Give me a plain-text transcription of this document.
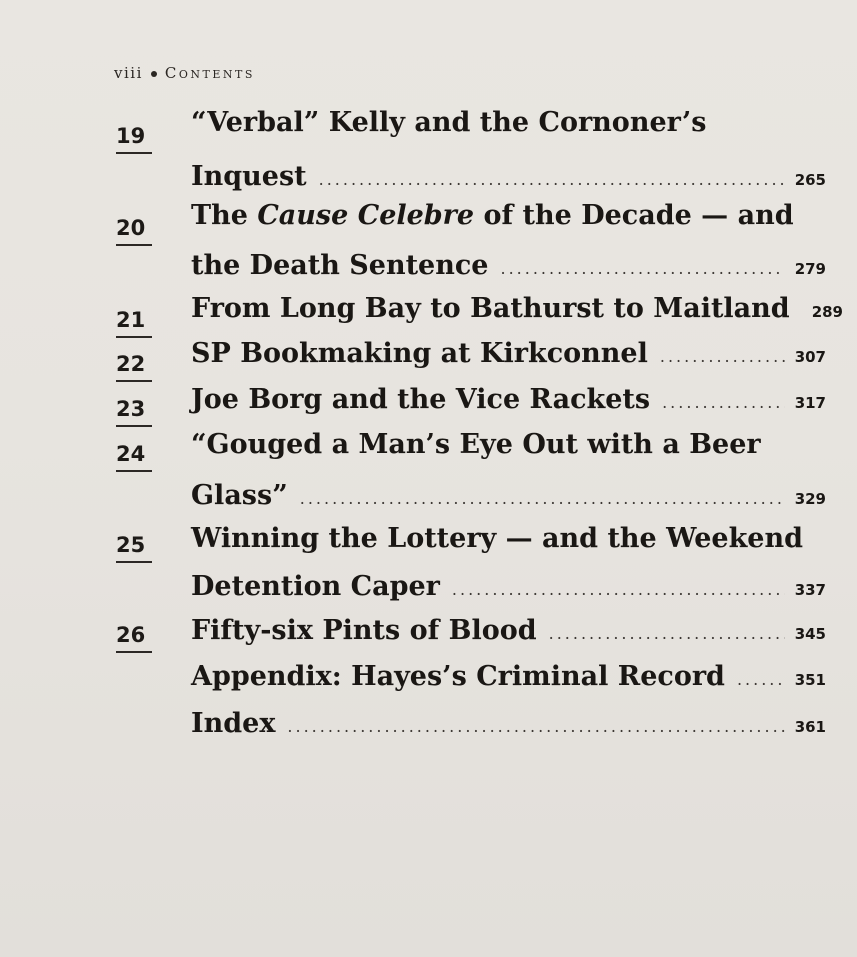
viii Contents
19 “Verbal” Kelly and the Cornoner’s
Inquest .....	265
20 The Cause Celebre of the Decade — and
the Death Sentence .....	279
21 From Long Bay to Bathurst to Maitland 289
22 SP Bookmaking at Kirkconnel .....	307
23 Joe Borg and the Vice Rackets .....	317
24 “Gouged a Man’s Eye Out with a Beer
Glass” .....	329
25 Winning the Lottery — and the Weekend
Detention Caper .....	337
26 Fifty-six Pints of Blood .....	345
Appendix: Hayes’s Criminal Record .....	351
Index .....	361
